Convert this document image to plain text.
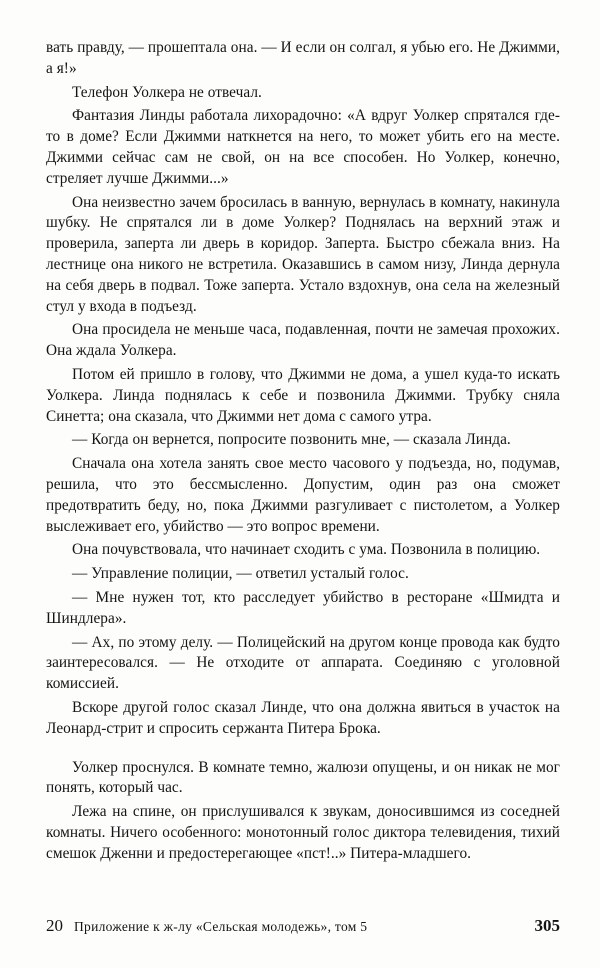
вать правду, — прошептала она. — И если он солгал, я убью его. Не Джимми, а я!»

Телефон Уолкера не отвечал.

Фантазия Линды работала лихорадочно: «А вдруг Уолкер спрятался где-то в доме? Если Джимми наткнется на него, то может убить его на месте. Джимми сейчас сам не свой, он на все способен. Но Уолкер, конечно, стреляет лучше Джимми...»

Она неизвестно зачем бросилась в ванную, вернулась в комнату, накинула шубку. Не спрятался ли в доме Уолкер? Поднялась на верхний этаж и проверила, заперта ли дверь в коридор. Заперта. Быстро сбежала вниз. На лестнице она никого не встретила. Оказавшись в самом низу, Линда дернула на себя дверь в подвал. Тоже заперта. Устало вздохнув, она села на железный стул у входа в подъезд.

Она просидела не меньше часа, подавленная, почти не замечая прохожих. Она ждала Уолкера.

Потом ей пришло в голову, что Джимми не дома, а ушел куда-то искать Уолкера. Линда поднялась к себе и позвонила Джимми. Трубку сняла Синетта; она сказала, что Джимми нет дома с самого утра.

— Когда он вернется, попросите позвонить мне, — сказала Линда.

Сначала она хотела занять свое место часового у подъезда, но, подумав, решила, что это бессмысленно. Допустим, один раз она сможет предотвратить беду, но, пока Джимми разгуливает с пистолетом, а Уолкер выслеживает его, убийство — это вопрос времени.

Она почувствовала, что начинает сходить с ума. Позвонила в полицию.

— Управление полиции, — ответил усталый голос.

— Мне нужен тот, кто расследует убийство в ресторане «Шмидта и Шиндлера».

— Ах, по этому делу. — Полицейский на другом конце провода как будто заинтересовался. — Не отходите от аппарата. Соединяю с уголовной комиссией.

Вскоре другой голос сказал Линде, что она должна явиться в участок на Леонард-стрит и спросить сержанта Питера Брока.

Уолкер проснулся. В комнате темно, жалюзи опущены, и он никак не мог понять, который час.

Лежа на спине, он прислушивался к звукам, доносившимся из соседней комнаты. Ничего особенного: монотонный голос диктора телевидения, тихий смешок Дженни и предостерегающее «пст!..» Питера-младшего.

20 Приложение к ж-лу «Сельская молодежь», том 5	305
